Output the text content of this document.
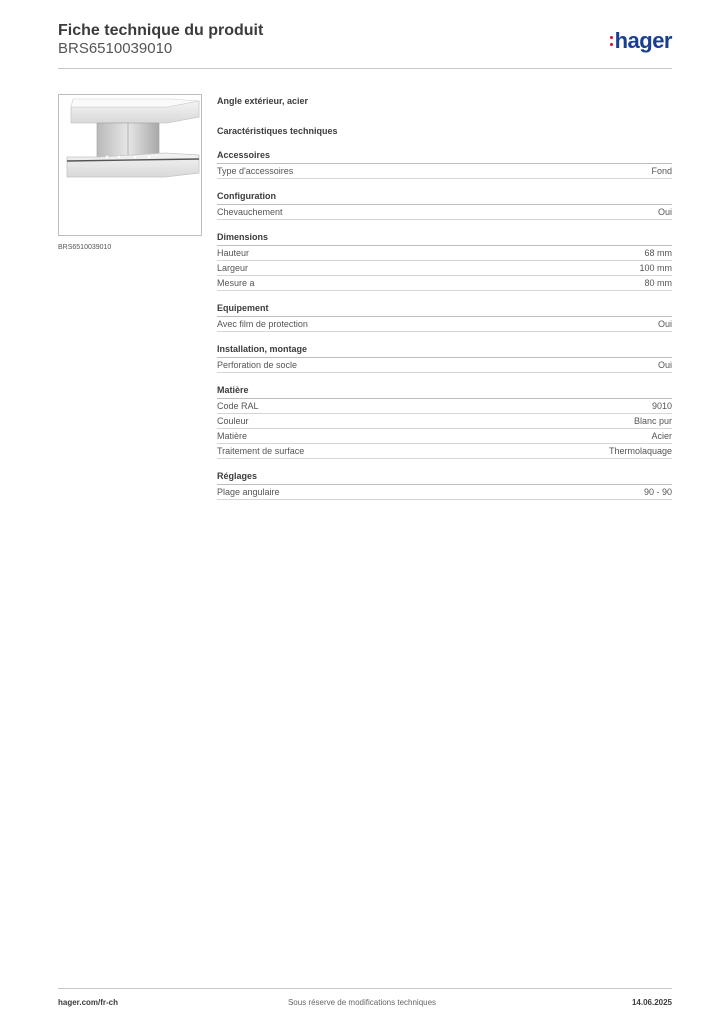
Fiche technique du produit
BRS6510039010	hager
BRS6510039010

Angle extérieur, acier

Caractéristiques techniques

Accessoires

Type d'accessoires	Fond

Configuration

Chevauchement	Oui

Dimensions

Hauteur	68 mm
Largeur	100 mm
Mesure a	80 mm

Equipement

Avec film de protection	Oui

Installation, montage

Perforation de socle	Oui

Matière

Code RAL	9010
Couleur	Blanc pur
Matière	Acier
Traitement de surface	Thermolaquage

Réglages

Plage angulaire	90 - 90
hager.com/fr-ch	Sous réserve de modifications techniques	14.06.2025
